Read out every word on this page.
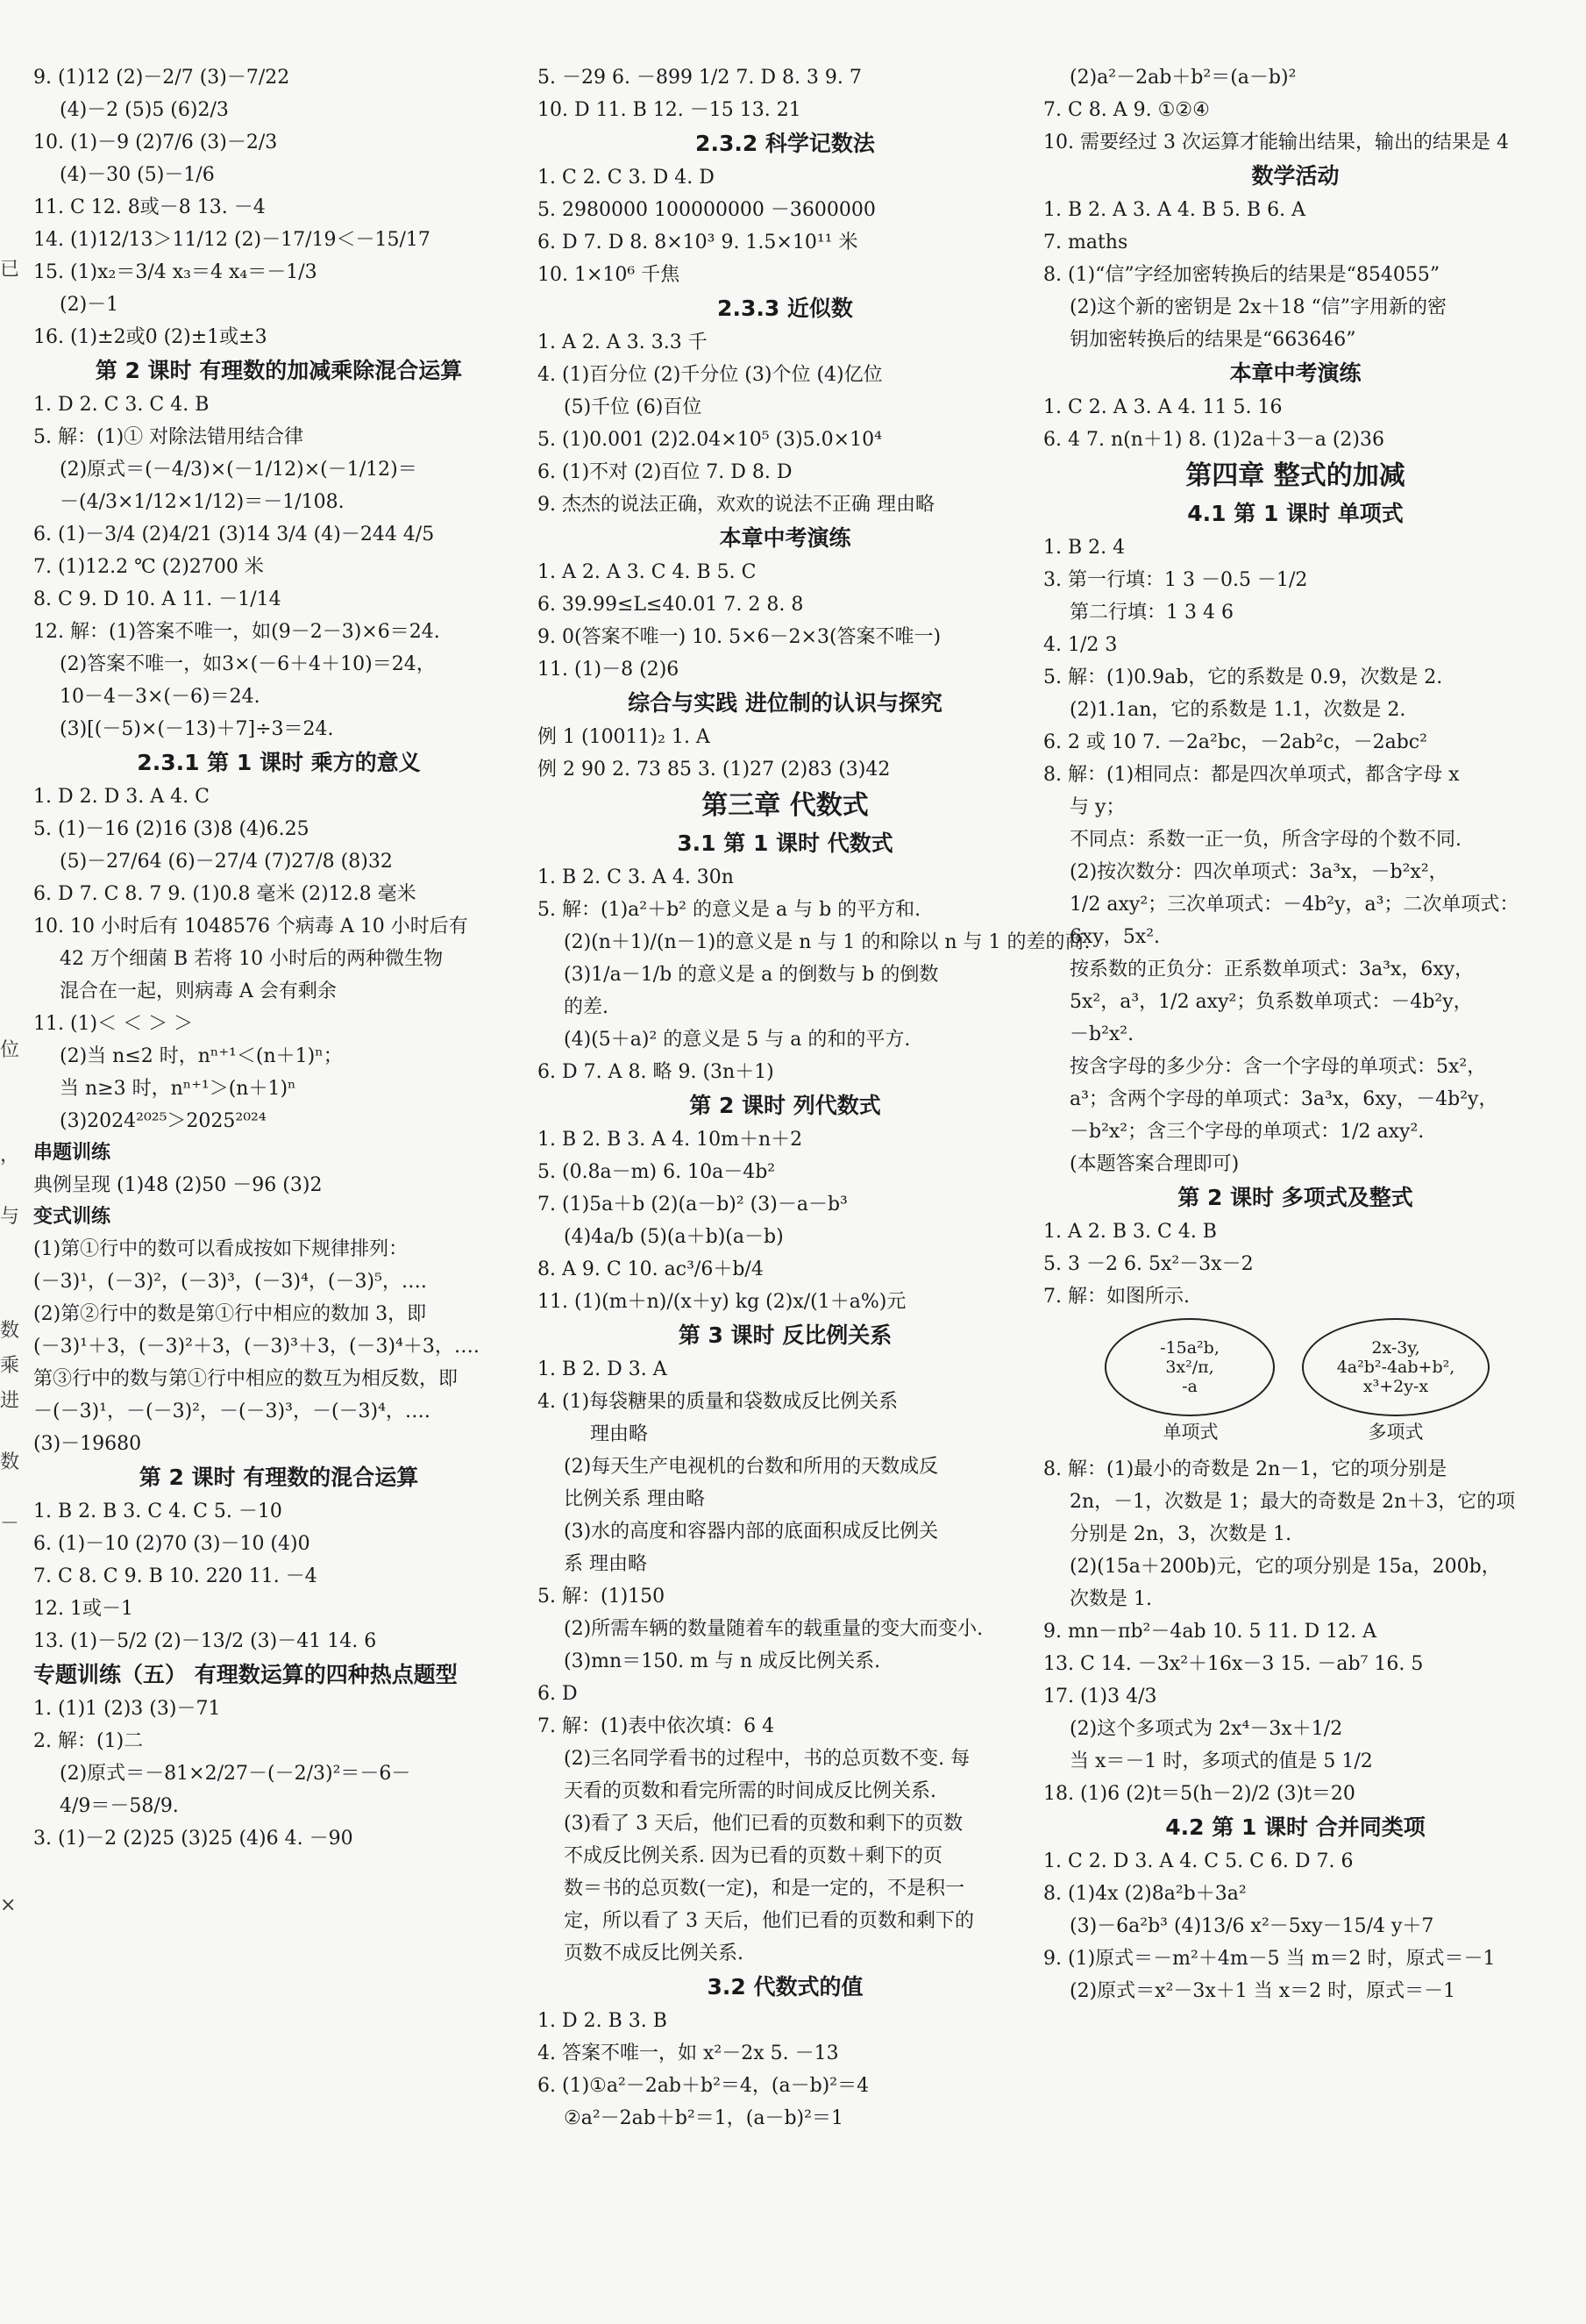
9. (1)12 (2)－2/7 (3)－7/22
(4)－2 (5)5 (6)2/3
10. (1)－9 (2)7/6 (3)－2/3
(4)－30 (5)－1/6
11. C 12. 8或－8 13. －4
14. (1)12/13＞11/12 (2)－17/19＜－15/17
15. (1)x₂＝3/4 x₃＝4 x₄＝－1/3
(2)－1
16. (1)±2或0 (2)±1或±3
第 2 课时 有理数的加减乘除混合运算
1. D 2. C 3. C 4. B
5. 解：(1)① 对除法错用结合律
(2)原式＝(－4/3)×(－1/12)×(－1/12)＝
－(4/3×1/12×1/12)＝－1/108.
6. (1)－3/4 (2)4/21 (3)14 3/4 (4)－244 4/5
7. (1)12.2 ℃ (2)2700 米
8. C 9. D 10. A 11. －1/14
12. 解：(1)答案不唯一，如(9－2－3)×6＝24.
(2)答案不唯一，如3×(－6＋4＋10)＝24，
10－4－3×(－6)＝24.
(3)[(－5)×(－13)＋7]÷3＝24.
2.3.1 第 1 课时 乘方的意义
1. D 2. D 3. A 4. C
5. (1)－16 (2)16 (3)8 (4)6.25
(5)－27/64 (6)－27/4 (7)27/8 (8)32
6. D 7. C 8. 7 9. (1)0.8 毫米 (2)12.8 毫米
10. 10 小时后有 1048576 个病毒 A 10 小时后有
42 万个细菌 B 若将 10 小时后的两种微生物
混合在一起，则病毒 A 会有剩余
11. (1)＜ ＜ ＞ ＞
(2)当 n≤2 时，nⁿ⁺¹＜(n＋1)ⁿ；
当 n≥3 时，nⁿ⁺¹＞(n＋1)ⁿ
(3)2024²⁰²⁵＞2025²⁰²⁴
串题训练
典例呈现 (1)48 (2)50 －96 (3)2
变式训练
(1)第①行中的数可以看成按如下规律排列：
(－3)¹，(－3)²，(－3)³，(－3)⁴，(－3)⁵，….
(2)第②行中的数是第①行中相应的数加 3，即
(－3)¹＋3，(－3)²＋3，(－3)³＋3，(－3)⁴＋3，….
第③行中的数与第①行中相应的数互为相反数，即
－(－3)¹，－(－3)²，－(－3)³，－(－3)⁴，….
(3)－19680
第 2 课时 有理数的混合运算
1. B 2. B 3. C 4. C 5. －10
6. (1)－10 (2)70 (3)－10 (4)0
7. C 8. C 9. B 10. 220 11. －4
12. 1或－1
13. (1)－5/2 (2)－13/2 (3)－41 14. 6
专题训练（五） 有理数运算的四种热点题型
1. (1)1 (2)3 (3)－71
2. 解：(1)二
(2)原式＝－81×2/27－(－2/3)²＝－6－
4/9＝－58/9.
3. (1)－2 (2)25 (3)25 (4)6 4. －90
5. －29 6. －899 1/2 7. D 8. 3 9. 7
10. D 11. B 12. －15 13. 21
2.3.2 科学记数法
1. C 2. C 3. D 4. D
5. 2980000 100000000 －3600000
6. D 7. D 8. 8×10³ 9. 1.5×10¹¹ 米
10. 1×10⁶ 千焦
2.3.3 近似数
1. A 2. A 3. 3.3 千
4. (1)百分位 (2)千分位 (3)个位 (4)亿位
(5)千位 (6)百位
5. (1)0.001 (2)2.04×10⁵ (3)5.0×10⁴
6. (1)不对 (2)百位 7. D 8. D
9. 杰杰的说法正确，欢欢的说法不正确 理由略
本章中考演练
1. A 2. A 3. C 4. B 5. C
6. 39.99≤L≤40.01 7. 2 8. 8
9. 0(答案不唯一) 10. 5×6－2×3(答案不唯一)
11. (1)－8 (2)6
综合与实践 进位制的认识与探究
例 1 (10011)₂ 1. A
例 2 90 2. 73 85 3. (1)27 (2)83 (3)42
第三章 代数式
3.1 第 1 课时 代数式
1. B 2. C 3. A 4. 30n
5. 解：(1)a²＋b² 的意义是 a 与 b 的平方和.
(2)(n＋1)/(n－1)的意义是 n 与 1 的和除以 n 与 1 的差的商.
(3)1/a－1/b 的意义是 a 的倒数与 b 的倒数
的差.
(4)(5＋a)² 的意义是 5 与 a 的和的平方.
6. D 7. A 8. 略 9. (3n＋1)
第 2 课时 列代数式
1. B 2. B 3. A 4. 10m＋n＋2
5. (0.8a－m) 6. 10a－4b²
7. (1)5a＋b (2)(a－b)² (3)－a－b³
(4)4a/b (5)(a＋b)(a－b)
8. A 9. C 10. ac³/6＋b/4
11. (1)(m＋n)/(x＋y) kg (2)x/(1＋a%)元
第 3 课时 反比例关系
1. B 2. D 3. A
4. (1)每袋糖果的质量和袋数成反比例关系
理由略
(2)每天生产电视机的台数和所用的天数成反
比例关系 理由略
(3)水的高度和容器内部的底面积成反比例关
系 理由略
5. 解：(1)150
(2)所需车辆的数量随着车的载重量的变大而变小.
(3)mn＝150. m 与 n 成反比例关系.
6. D
7. 解：(1)表中依次填：6 4
(2)三名同学看书的过程中，书的总页数不变. 每
天看的页数和看完所需的时间成反比例关系.
(3)看了 3 天后，他们已看的页数和剩下的页数
不成反比例关系. 因为已看的页数＋剩下的页
数＝书的总页数(一定)，和是一定的，不是积一
定，所以看了 3 天后，他们已看的页数和剩下的
页数不成反比例关系.
3.2 代数式的值
1. D 2. B 3. B
4. 答案不唯一，如 x²－2x 5. －13
6. (1)①a²－2ab＋b²＝4，(a－b)²＝4
②a²－2ab＋b²＝1，(a－b)²＝1
(2)a²－2ab＋b²＝(a－b)²
7. C 8. A 9. ①②④
10. 需要经过 3 次运算才能输出结果，输出的结果是 4
数学活动
1. B 2. A 3. A 4. B 5. B 6. A
7. maths
8. (1)“信”字经加密转换后的结果是“854055”
(2)这个新的密钥是 2x＋18 “信”字用新的密
钥加密转换后的结果是“663646”
本章中考演练
1. C 2. A 3. A 4. 11 5. 16
6. 4 7. n(n＋1) 8. (1)2a＋3－a (2)36
第四章 整式的加减
4.1 第 1 课时 单项式
1. B 2. 4
3. 第一行填：1 3 －0.5 －1/2
第二行填：1 3 4 6
4. 1/2 3
5. 解：(1)0.9ab，它的系数是 0.9，次数是 2.
(2)1.1an，它的系数是 1.1，次数是 2.
6. 2 或 10 7. －2a²bc，－2ab²c，－2abc²
8. 解：(1)相同点：都是四次单项式，都含字母 x
与 y；
不同点：系数一正一负，所含字母的个数不同.
(2)按次数分：四次单项式：3a³x，－b²x²，
1/2 axy²；三次单项式：－4b²y，a³；二次单项式：
6xy，5x².
按系数的正负分：正系数单项式：3a³x，6xy，
5x²，a³，1/2 axy²；负系数单项式：－4b²y，
－b²x².
按含字母的多少分：含一个字母的单项式：5x²，
a³；含两个字母的单项式：3a³x，6xy，－4b²y，
－b²x²；含三个字母的单项式：1/2 axy².
(本题答案合理即可)
第 2 课时 多项式及整式
1. A 2. B 3. C 4. B
5. 3 －2 6. 5x²－3x－2
7. 解：如图所示.
-15a²b,
3x²/π,
-a
2x-3y,
4a²b²-4ab+b²,
x³+2y-x
单项式	多项式
8. 解：(1)最小的奇数是 2n－1，它的项分别是
2n，－1，次数是 1；最大的奇数是 2n＋3，它的项
分别是 2n，3，次数是 1.
(2)(15a＋200b)元，它的项分别是 15a，200b，
次数是 1.
9. mn－πb²－4ab 10. 5 11. D 12. A
13. C 14. －3x²＋16x－3 15. －ab⁷ 16. 5
17. (1)3 4/3
(2)这个多项式为 2x⁴－3x＋1/2
当 x＝－1 时，多项式的值是 5 1/2
18. (1)6 (2)t＝5(h－2)/2 (3)t＝20
4.2 第 1 课时 合并同类项
1. C 2. D 3. A 4. C 5. C 6. D 7. 6
8. (1)4x (2)8a²b＋3a²
(3)－6a²b³ (4)13/6 x²－5xy－15/4 y＋7
9. (1)原式＝－m²＋4m－5 当 m＝2 时，原式＝－1
(2)原式＝x²－3x＋1 当 x＝2 时，原式＝－1
已
位
，
与
数
乘
进
数
－
×
